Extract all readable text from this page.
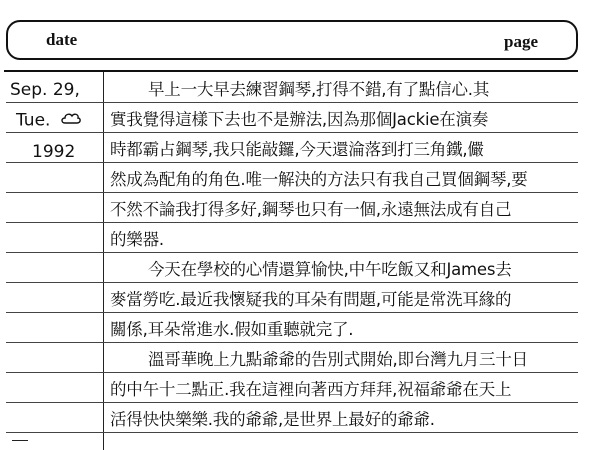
date	page
Sep. 29,
Tue.
1992
早上一大早去練習鋼琴,打得不錯,有了點信心.其
實我覺得這樣下去也不是辦法,因為那個Jackie在演奏
時都霸占鋼琴,我只能敲鑼,今天還淪落到打三角鐵,儼
然成為配角的角色.唯一解決的方法只有我自己買個鋼琴,要
不然不論我打得多好,鋼琴也只有一個,永遠無法成有自己
的樂器.
今天在學校的心情還算愉快,中午吃飯又和James去
麥當勞吃.最近我懷疑我的耳朵有問題,可能是常洗耳緣的
關係,耳朵常進水.假如重聽就完了.
溫哥華晚上九點爺爺的告別式開始,即台灣九月三十日
的中午十二點正.我在這裡向著西方拜拜,祝福爺爺在天上
活得快快樂樂.我的爺爺,是世界上最好的爺爺.
